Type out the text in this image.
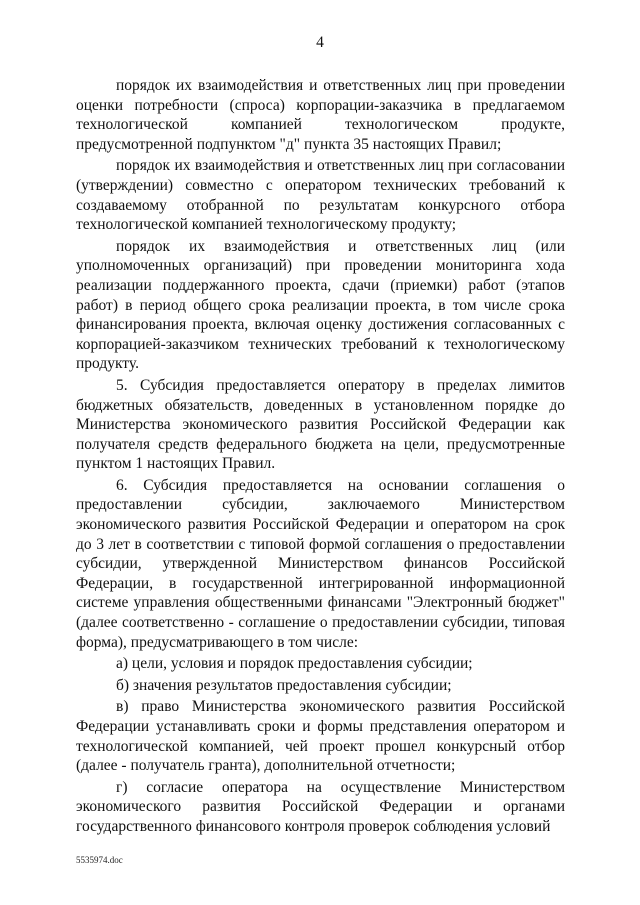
4

порядок их взаимодействия и ответственных лиц при проведении оценки потребности (спроса) корпорации-заказчика в предлагаемом технологической компанией технологическом продукте, предусмотренной подпунктом "д" пункта 35 настоящих Правил;

порядок их взаимодействия и ответственных лиц при согласовании (утверждении) совместно с оператором технических требований к создаваемому отобранной по результатам конкурсного отбора технологической компанией технологическому продукту;

порядок их взаимодействия и ответственных лиц (или уполномоченных организаций) при проведении мониторинга хода реализации поддержанного проекта, сдачи (приемки) работ (этапов работ) в период общего срока реализации проекта, в том числе срока финансирования проекта, включая оценку достижения согласованных с корпорацией-заказчиком технических требований к технологическому продукту.

5. Субсидия предоставляется оператору в пределах лимитов бюджетных обязательств, доведенных в установленном порядке до Министерства экономического развития Российской Федерации как получателя средств федерального бюджета на цели, предусмотренные пунктом 1 настоящих Правил.

6. Субсидия предоставляется на основании соглашения о предоставлении субсидии, заключаемого Министерством экономического развития Российской Федерации и оператором на срок до 3 лет в соответствии с типовой формой соглашения о предоставлении субсидии, утвержденной Министерством финансов Российской Федерации, в государственной интегрированной информационной системе управления общественными финансами "Электронный бюджет" (далее соответственно - соглашение о предоставлении субсидии, типовая форма), предусматривающего в том числе:

а) цели, условия и порядок предоставления субсидии;

б) значения результатов предоставления субсидии;

в) право Министерства экономического развития Российской Федерации устанавливать сроки и формы представления оператором и технологической компанией, чей проект прошел конкурсный отбор (далее - получатель гранта), дополнительной отчетности;

г) согласие оператора на осуществление Министерством экономического развития Российской Федерации и органами государственного финансового контроля проверок соблюдения условий

5535974.doc
